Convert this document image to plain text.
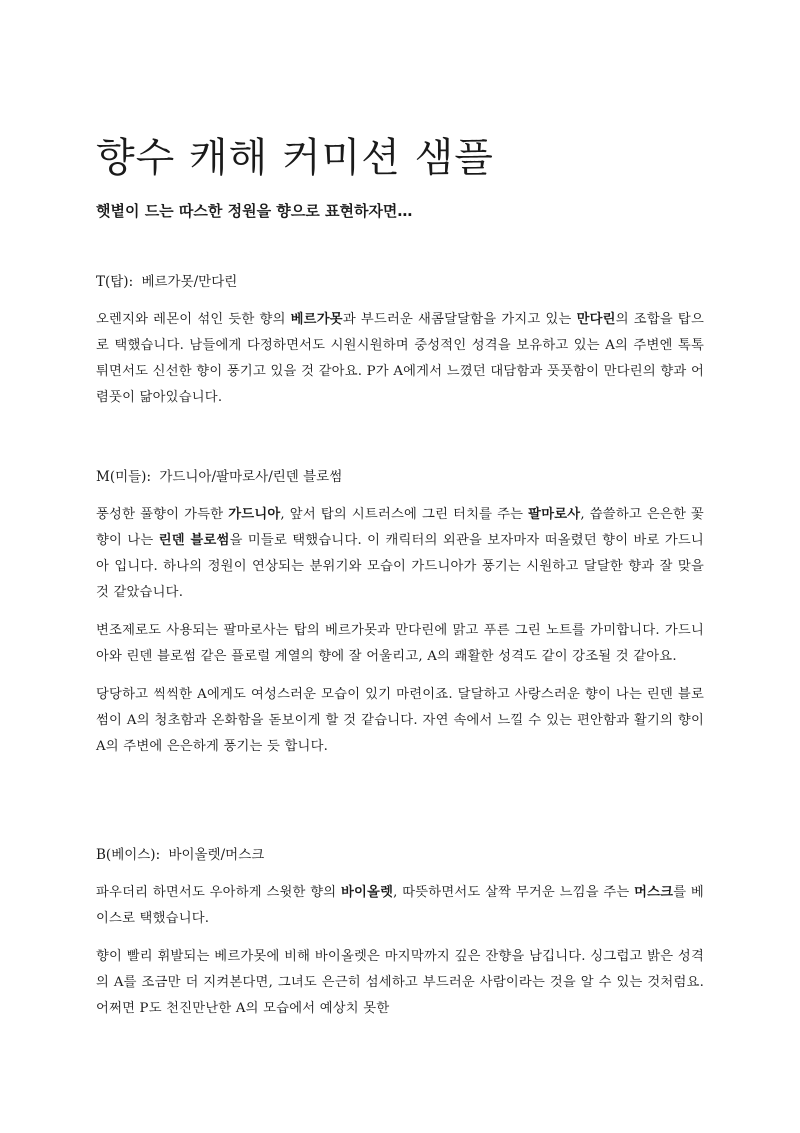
향수 캐해 커미션 샘플
햇볕이 드는 따스한 정원을 향으로 표현하자면…
T(탑): 베르가못/만다린

오렌지와 레몬이 섞인 듯한 향의 베르가못과 부드러운 새콤달달함을 가지고 있는 만다린의 조합을 탑으로 택했습니다. 남들에게 다정하면서도 시원시원하며 중성적인 성격을 보유하고 있는 A의 주변엔 톡톡 튀면서도 신선한 향이 풍기고 있을 것 같아요. P가 A에게서 느꼈던 대담함과 풋풋함이 만다린의 향과 어렴풋이 닮아있습니다.

M(미들): 가드니아/팔마로사/린덴 블로썸

풍성한 풀향이 가득한 가드니아, 앞서 탑의 시트러스에 그린 터치를 주는 팔마로사, 씁쓸하고 은은한 꽃향이 나는 린덴 블로썸을 미들로 택했습니다. 이 캐릭터의 외관을 보자마자 떠올렸던 향이 바로 가드니아 입니다. 하나의 정원이 연상되는 분위기와 모습이 가드니아가 풍기는 시원하고 달달한 향과 잘 맞을 것 같았습니다.

변조제로도 사용되는 팔마로사는 탑의 베르가못과 만다린에 맑고 푸른 그린 노트를 가미합니다. 가드니아와 린덴 블로썸 같은 플로럴 계열의 향에 잘 어울리고, A의 쾌활한 성격도 같이 강조될 것 같아요.

당당하고 씩씩한 A에게도 여성스러운 모습이 있기 마련이죠. 달달하고 사랑스러운 향이 나는 린덴 블로썸이 A의 청초함과 온화함을 돋보이게 할 것 같습니다. 자연 속에서 느낄 수 있는 편안함과 활기의 향이 A의 주변에 은은하게 풍기는 듯 합니다.

B(베이스): 바이올렛/머스크

파우더리 하면서도 우아하게 스윗한 향의 바이올렛, 따뜻하면서도 살짝 무거운 느낌을 주는 머스크를 베이스로 택했습니다.

향이 빨리 휘발되는 베르가못에 비해 바이올렛은 마지막까지 깊은 잔향을 남깁니다. 싱그럽고 밝은 성격의 A를 조금만 더 지켜본다면, 그녀도 은근히 섬세하고 부드러운 사람이라는 것을 알 수 있는 것처럼요. 어쩌면 P도 천진만난한 A의 모습에서 예상치 못한
